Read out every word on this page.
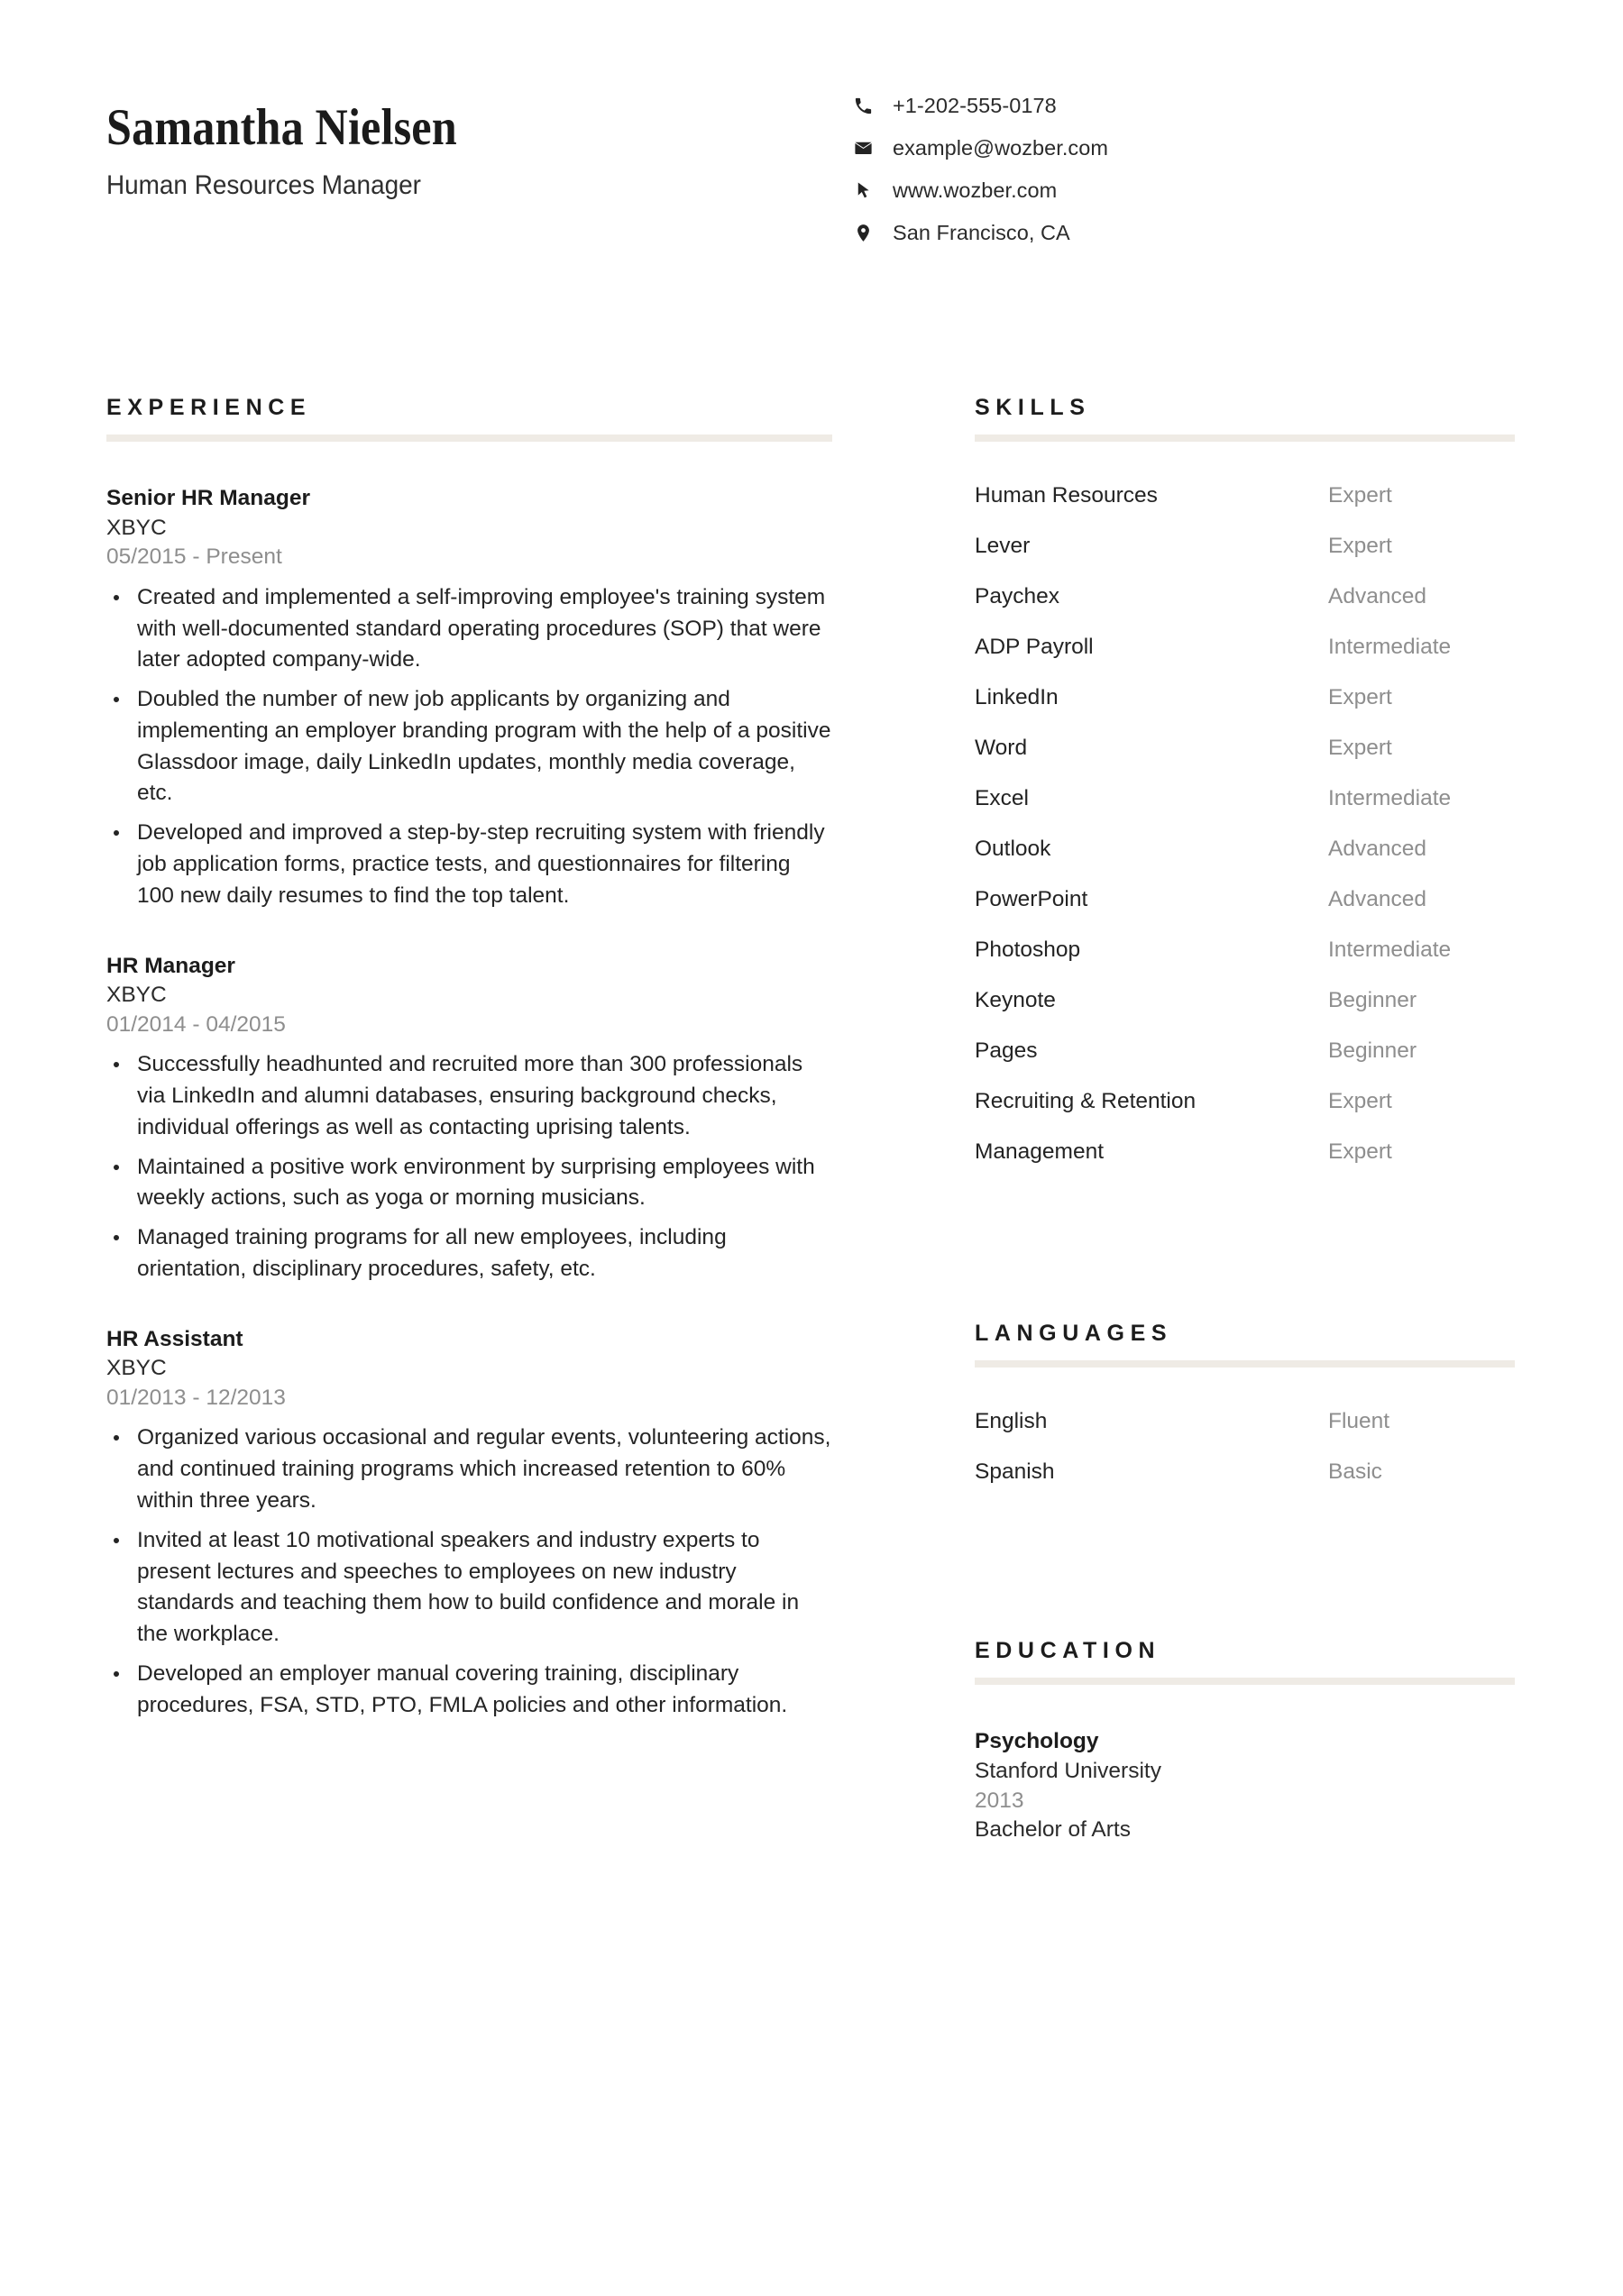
Samantha Nielsen
Human Resources Manager
+1-202-555-0178
example@wozber.com
www.wozber.com
San Francisco, CA
EXPERIENCE
Senior HR Manager
XBYC
05/2015 - Present
Created and implemented a self-improving employee's training system with well-documented standard operating procedures (SOP) that were later adopted company-wide.
Doubled the number of new job applicants by organizing and implementing an employer branding program with the help of a positive Glassdoor image, daily LinkedIn updates, monthly media coverage, etc.
Developed and improved a step-by-step recruiting system with friendly job application forms, practice tests, and questionnaires for filtering 100 new daily resumes to find the top talent.
HR Manager
XBYC
01/2014 - 04/2015
Successfully headhunted and recruited more than 300 professionals via LinkedIn and alumni databases, ensuring background checks, individual offerings as well as contacting uprising talents.
Maintained a positive work environment by surprising employees with weekly actions, such as yoga or morning musicians.
Managed training programs for all new employees, including orientation, disciplinary procedures, safety, etc.
HR Assistant
XBYC
01/2013 - 12/2013
Organized various occasional and regular events, volunteering actions, and continued training programs which increased retention to 60% within three years.
Invited at least 10 motivational speakers and industry experts to present lectures and speeches to employees on new industry standards and teaching them how to build confidence and morale in the workplace.
Developed an employer manual covering training, disciplinary procedures, FSA, STD, PTO, FMLA policies and other information.
SKILLS
Human Resources	Expert
Lever	Expert
Paychex	Advanced
ADP Payroll	Intermediate
LinkedIn	Expert
Word	Expert
Excel	Intermediate
Outlook	Advanced
PowerPoint	Advanced
Photoshop	Intermediate
Keynote	Beginner
Pages	Beginner
Recruiting & Retention	Expert
Management	Expert
LANGUAGES
English	Fluent
Spanish	Basic
EDUCATION
Psychology
Stanford University
2013
Bachelor of Arts
